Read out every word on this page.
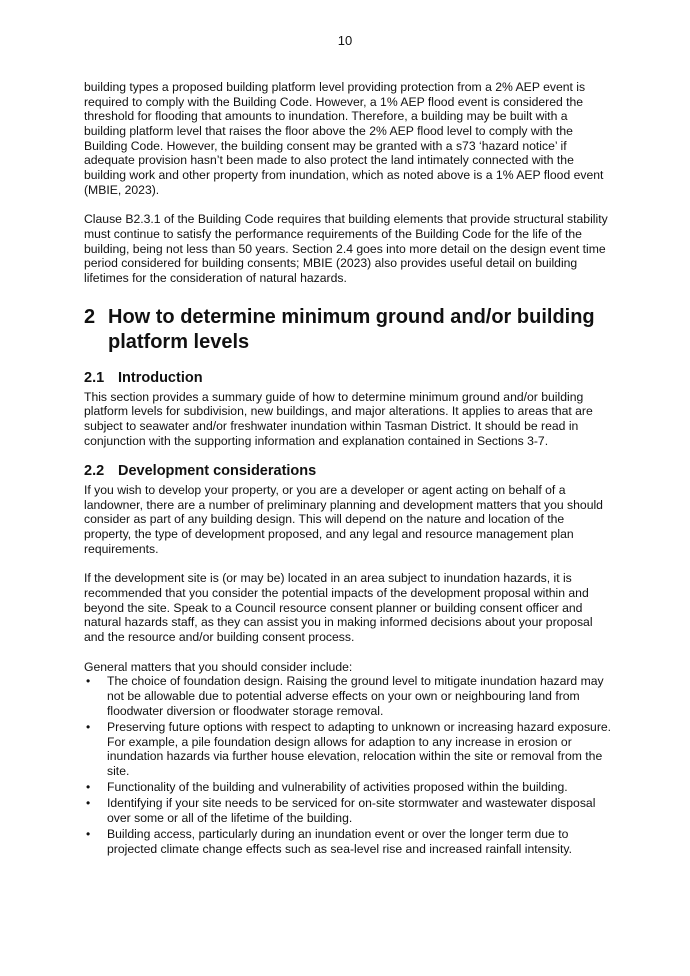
10

building types a proposed building platform level providing protection from a 2% AEP event is required to comply with the Building Code. However, a 1% AEP flood event is considered the threshold for flooding that amounts to inundation. Therefore, a building may be built with a building platform level that raises the floor above the 2% AEP flood level to comply with the Building Code. However, the building consent may be granted with a s73 ‘hazard notice’ if adequate provision hasn’t been made to also protect the land intimately connected with the building work and other property from inundation, which as noted above is a 1% AEP flood event (MBIE, 2023).

Clause B2.3.1 of the Building Code requires that building elements that provide structural stability must continue to satisfy the performance requirements of the Building Code for the life of the building, being not less than 50 years. Section 2.4 goes into more detail on the design event time period considered for building consents; MBIE (2023) also provides useful detail on building lifetimes for the consideration of natural hazards.

2 How to determine minimum ground and/or building platform levels
2.1 Introduction

This section provides a summary guide of how to determine minimum ground and/or building platform levels for subdivision, new buildings, and major alterations. It applies to areas that are subject to seawater and/or freshwater inundation within Tasman District. It should be read in conjunction with the supporting information and explanation contained in Sections 3-7.

2.2 Development considerations

If you wish to develop your property, or you are a developer or agent acting on behalf of a landowner, there are a number of preliminary planning and development matters that you should consider as part of any building design. This will depend on the nature and location of the property, the type of development proposed, and any legal and resource management plan requirements.

If the development site is (or may be) located in an area subject to inundation hazards, it is recommended that you consider the potential impacts of the development proposal within and beyond the site. Speak to a Council resource consent planner or building consent officer and natural hazards staff, as they can assist you in making informed decisions about your proposal and the resource and/or building consent process.

General matters that you should consider include:

• The choice of foundation design. Raising the ground level to mitigate inundation hazard may not be allowable due to potential adverse effects on your own or neighbouring land from floodwater diversion or floodwater storage removal.
• Preserving future options with respect to adapting to unknown or increasing hazard exposure. For example, a pile foundation design allows for adaption to any increase in erosion or inundation hazards via further house elevation, relocation within the site or removal from the site.
• Functionality of the building and vulnerability of activities proposed within the building.
• Identifying if your site needs to be serviced for on-site stormwater and wastewater disposal over some or all of the lifetime of the building.
• Building access, particularly during an inundation event or over the longer term due to projected climate change effects such as sea-level rise and increased rainfall intensity.
